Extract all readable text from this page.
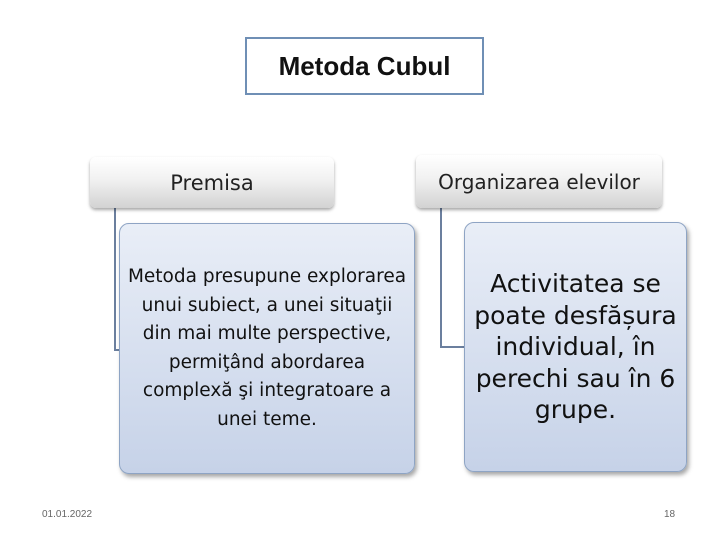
Metoda Cubul
Premisa	Organizarea elevilor
Metoda presupune explorarea unui subiect, a unei situaţii din mai multe perspective, permiţând abordarea complexă şi integratoare a unei teme.
Activitatea se poate desfășura individual, în perechi sau în 6 grupe.
01.01.2022	18
